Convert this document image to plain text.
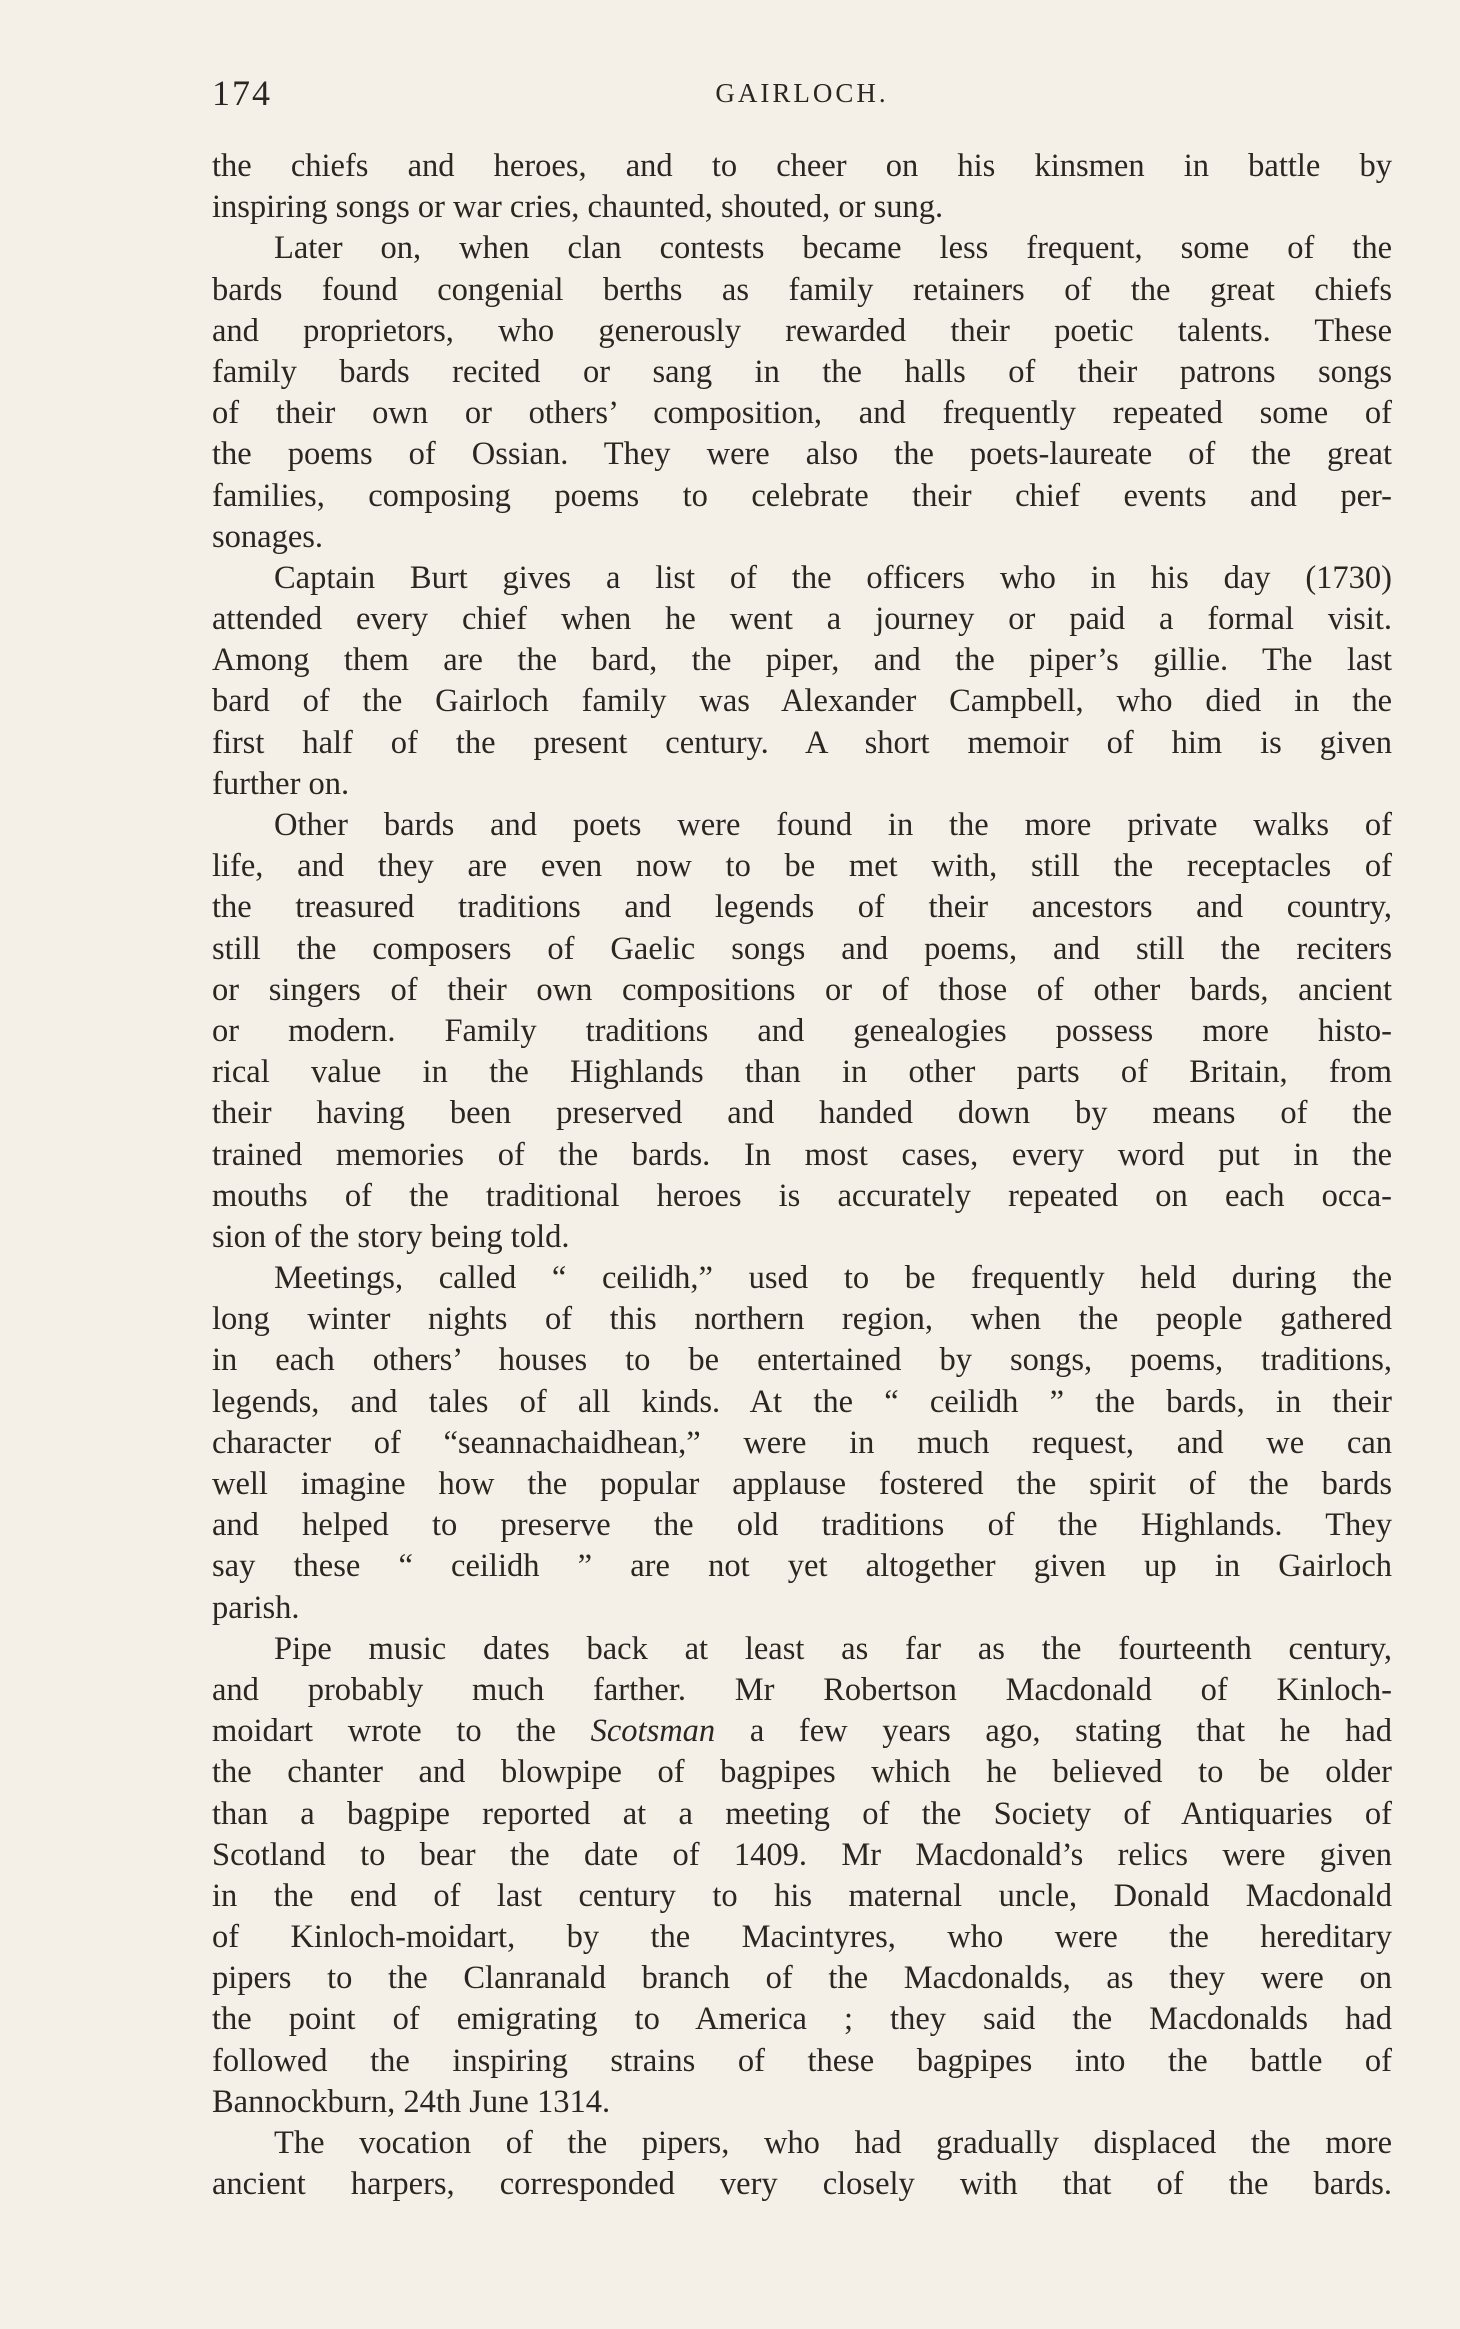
174	GAIRLOCH.
the chiefs and heroes, and to cheer on his kinsmen in battle by
inspiring songs or war cries, chaunted, shouted, or sung.
Later on, when clan contests became less frequent, some of the
bards found congenial berths as family retainers of the great chiefs
and proprietors, who generously rewarded their poetic talents. These
family bards recited or sang in the halls of their patrons songs
of their own or others’ composition, and frequently repeated some of
the poems of Ossian. They were also the poets-laureate of the great
families, composing poems to celebrate their chief events and per-
sonages.
Captain Burt gives a list of the officers who in his day (1730)
attended every chief when he went a journey or paid a formal visit.
Among them are the bard, the piper, and the piper’s gillie. The last
bard of the Gairloch family was Alexander Campbell, who died in the
first half of the present century. A short memoir of him is given
further on.
Other bards and poets were found in the more private walks of
life, and they are even now to be met with, still the receptacles of
the treasured traditions and legends of their ancestors and country,
still the composers of Gaelic songs and poems, and still the reciters
or singers of their own compositions or of those of other bards, ancient
or modern. Family traditions and genealogies possess more histo-
rical value in the Highlands than in other parts of Britain, from
their having been preserved and handed down by means of the
trained memories of the bards. In most cases, every word put in the
mouths of the traditional heroes is accurately repeated on each occa-
sion of the story being told.
Meetings, called “ ceilidh,” used to be frequently held during the
long winter nights of this northern region, when the people gathered
in each others’ houses to be entertained by songs, poems, traditions,
legends, and tales of all kinds. At the “ ceilidh ” the bards, in their
character of “seannachaidhean,” were in much request, and we can
well imagine how the popular applause fostered the spirit of the bards
and helped to preserve the old traditions of the Highlands. They
say these “ ceilidh ” are not yet altogether given up in Gairloch
parish.
Pipe music dates back at least as far as the fourteenth century,
and probably much farther. Mr Robertson Macdonald of Kinloch-
moidart wrote to the Scotsman a few years ago, stating that he had
the chanter and blowpipe of bagpipes which he believed to be older
than a bagpipe reported at a meeting of the Society of Antiquaries of
Scotland to bear the date of 1409. Mr Macdonald’s relics were given
in the end of last century to his maternal uncle, Donald Macdonald
of Kinloch-moidart, by the Macintyres, who were the hereditary
pipers to the Clanranald branch of the Macdonalds, as they were on
the point of emigrating to America ; they said the Macdonalds had
followed the inspiring strains of these bagpipes into the battle of
Bannockburn, 24th June 1314.
The vocation of the pipers, who had gradually displaced the more
ancient harpers, corresponded very closely with that of the bards.
